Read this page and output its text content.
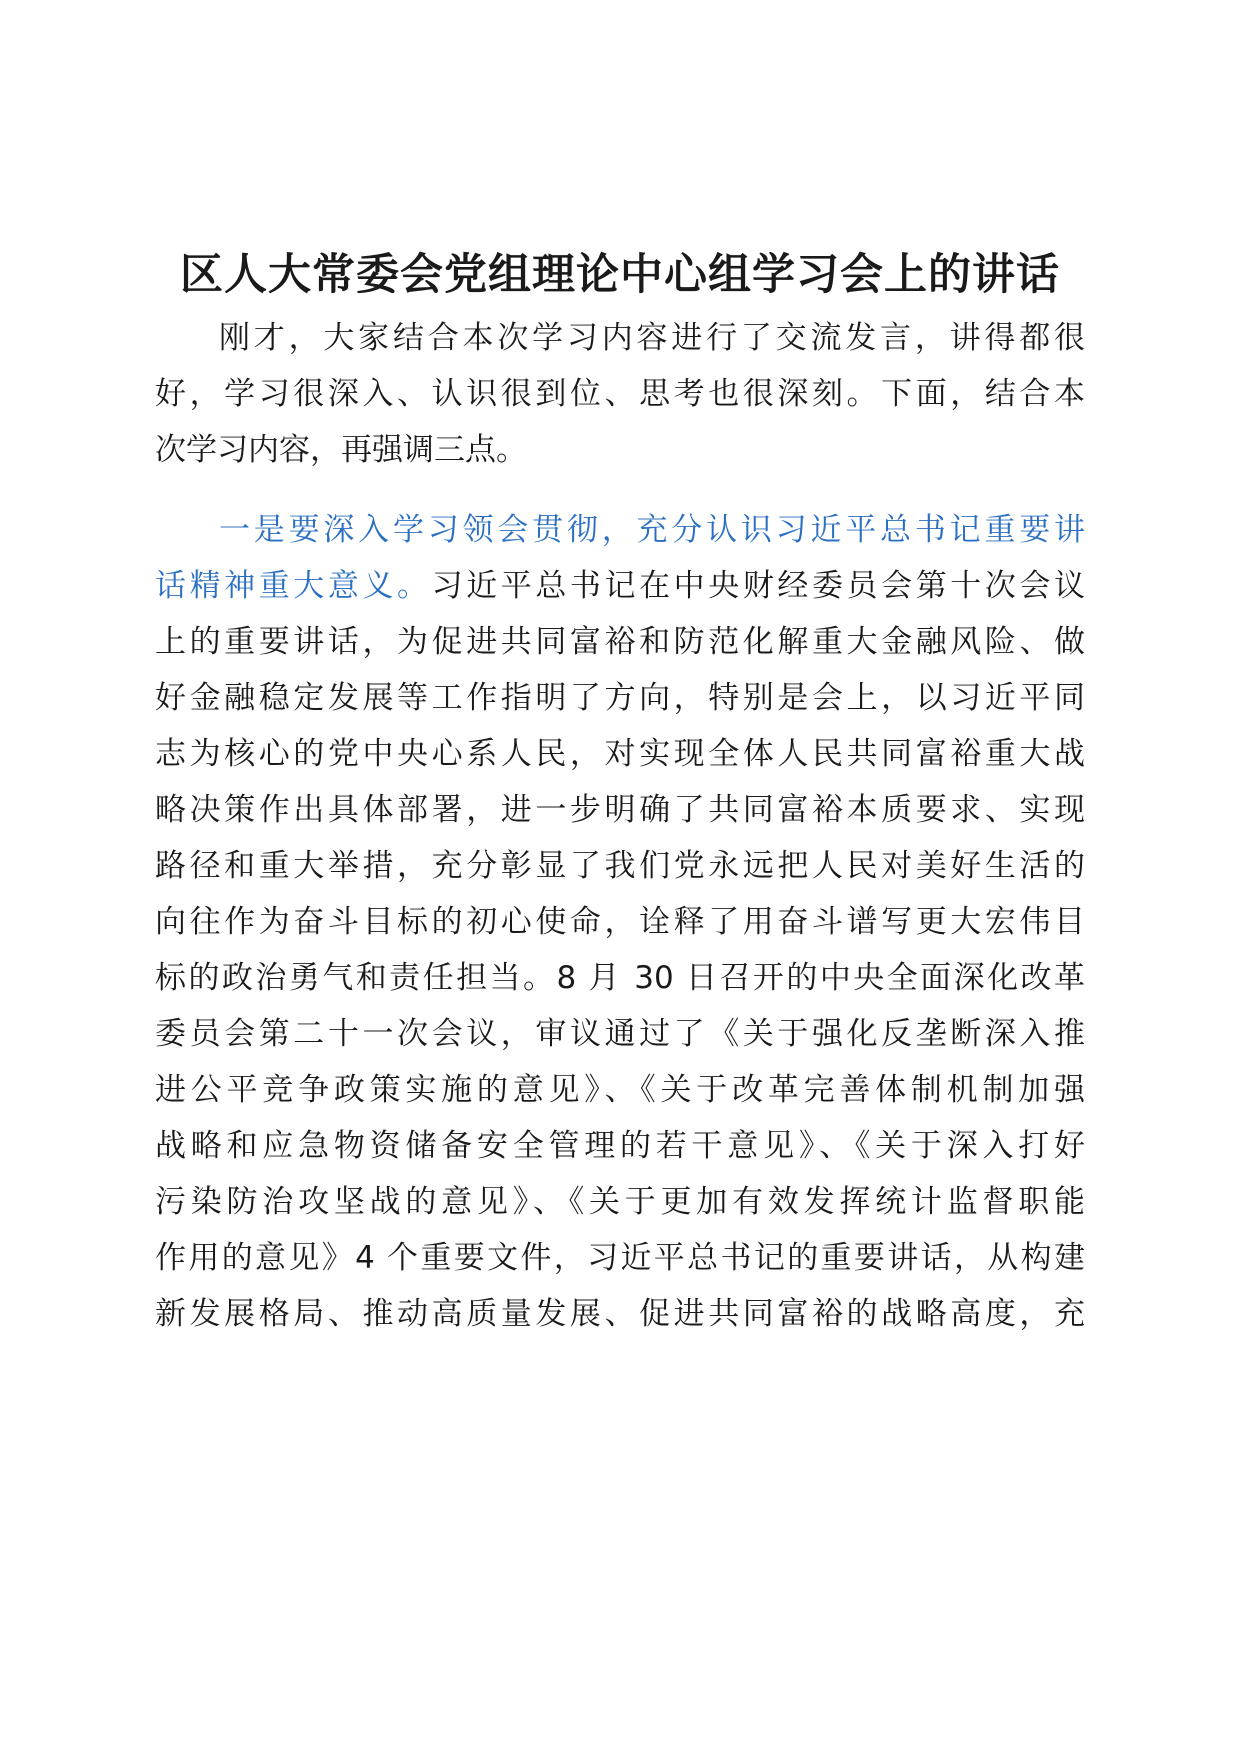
区人大常委会党组理论中心组学习会上的讲话

刚才，大家结合本次学习内容进行了交流发言，讲得都很

好，学习很深入、认识很到位、思考也很深刻。下面，结合本

次学习内容，再强调三点。

一是要深入学习领会贯彻，充分认识习近平总书记重要讲

话精神重大意义。习近平总书记在中央财经委员会第十次会议

上的重要讲话，为促进共同富裕和防范化解重大金融风险、做

好金融稳定发展等工作指明了方向，特别是会上，以习近平同

志为核心的党中央心系人民，对实现全体人民共同富裕重大战

略决策作出具体部署，进一步明确了共同富裕本质要求、实现

路径和重大举措，充分彰显了我们党永远把人民对美好生活的

向往作为奋斗目标的初心使命，诠释了用奋斗谱写更大宏伟目

标的政治勇气和责任担当。8 月 30 日召开的中央全面深化改革

委员会第二十一次会议，审议通过了《关于强化反垄断深入推

进公平竞争政策实施的意见》、《关于改革完善体制机制加强

战略和应急物资储备安全管理的若干意见》、《关于深入打好

污染防治攻坚战的意见》、《关于更加有效发挥统计监督职能

作用的意见》4 个重要文件，习近平总书记的重要讲话，从构建

新发展格局、推动高质量发展、促进共同富裕的战略高度，充
